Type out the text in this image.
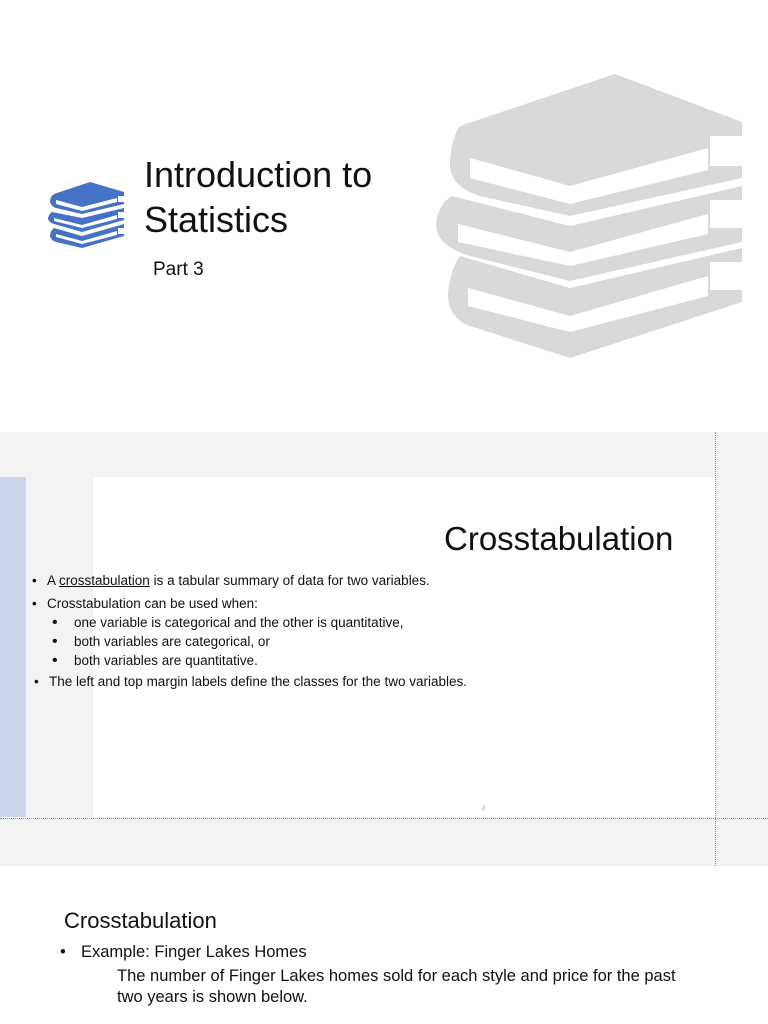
Introduction to Statistics
Part 3
Crosstabulation
• A crosstabulation is a tabular summary of data for two variables.
• Crosstabulation can be used when:
• one variable is categorical and the other is quantitative,
• both variables are categorical, or
• both variables are quantitative.
• The left and top margin labels define the classes for the two variables.
2
Crosstabulation
• Example: Finger Lakes Homes
The number of Finger Lakes homes sold for each style and price for the past two years is shown below.
